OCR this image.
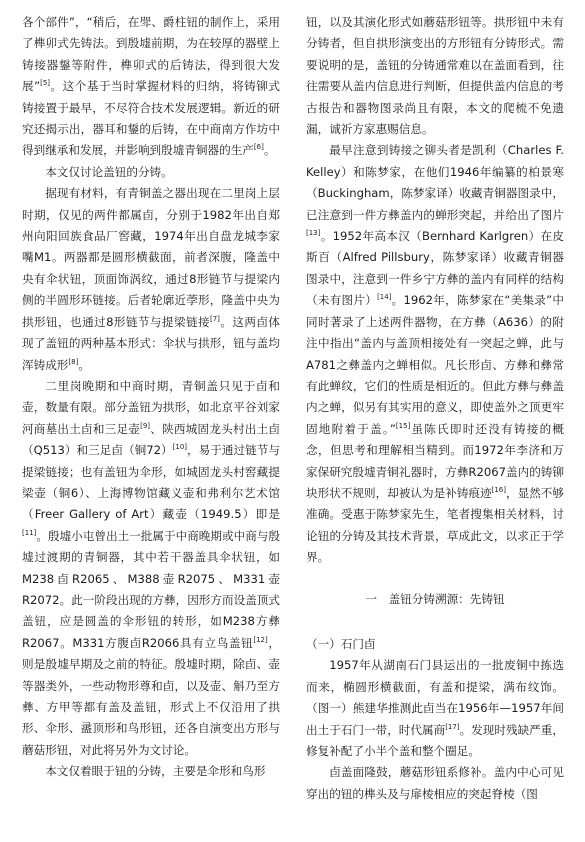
各个部件”，“稍后，在斝、爵柱钮的制作上，采用了榫卯式先铸法。到殷墟前期，为在较厚的器壁上铸接器鋬等附件，榫卯式的后铸法，得到很大发展”[5]。这个基于当时掌握材料的归纳，将铸铆式铸接置于最早，不尽符合技术发展逻辑。新近的研究还揭示出，器耳和鋬的后铸，在中商南方作坊中得到继承和发展，并影响到殷墟青铜器的生产[6]。

本文仅讨论盖钮的分铸。

据现有材料，有青铜盖之器出现在二里岗上层时期，仅见的两件都属卣，分别于1982年出自郑州向阳回族食品厂窖藏，1974年出自盘龙城李家嘴M1。两器都是圆形横截面，前者深腹，隆盖中央有伞状钮，顶面饰涡纹，通过8形链节与提梁内侧的半圆形环链接。后者轮廓近荸形，隆盖中央为拱形钮，也通过8形链节与提梁链接[7]。这两卣体现了盖钮的两种基本形式：伞状与拱形，钮与盖均浑铸成形[8]。

二里岗晚期和中商时期，青铜盖只见于卣和壶，数量有限。部分盖钮为拱形，如北京平谷刘家河商墓出土卣和三足壶[9]、陕西城固龙头村出土卣（Q513）和三足卣（铜72）[10]，易于通过链节与提梁链接；也有盖钮为伞形，如城固龙头村窖藏提梁壶（铜6）、上海博物馆藏义壶和弗利尔艺术馆（Freer Gallery of Art）藏壶（1949.5）即是[11]。殷墟小屯曾出土一批属于中商晚期或中商与殷墟过渡期的青铜器，其中若干器盖具伞状钮，如M238卣R2065、M388壶R2075、M331壶R2072。此一阶段出现的方彝，因形方而设盖顶式盖钮，应是圆盖的伞形钮的转形，如M238方彝R2067。M331方腹卣R2066具有立鸟盖钮[12]，则是殷墟早期及之前的特征。殷墟时期，除卣、壶等器类外，一些动物形尊和卣，以及壶、斛乃至方彝、方甲等都有盖及盖钮，形式上不仅沿用了拱形、伞形、盝顶形和鸟形钮，还各自演变出方形与蘑菇形钮，对此将另外为文讨论。

本文仅着眼于钮的分铸，主要是伞形和鸟形

钮，以及其演化形式如蘑菇形钮等。拱形钮中未有分铸者，但自拱形演变出的方形钮有分铸形式。需要说明的是，盖钮的分铸通常难以在盖面看到，往往需要从盖内信息进行判断，但提供盖内信息的考古报告和器物图录尚且有限，本文的爬梳不免遗漏，诚祈方家惠赐信息。

最早注意到铸接之铆头者是凯利（Charles F. Kelley）和陈梦家，在他们1946年编纂的柏景寒（Buckingham，陈梦家译）收藏青铜器图录中，已注意到一件方彝盖内的蝉形突起，并给出了图片[13]。1952年高本汉（Bernhard Karlgren）在皮斯百（Alfred Pillsbury，陈梦家译）收藏青铜器图录中，注意到一件乡宁方彝的盖内有同样的结构（未有图片）[14]。1962年，陈梦家在“美集录”中同时著录了上述两件器物，在方彝（A636）的附注中指出“盖内与盖顶相接处有一突起之蝉，此与A781之彝盖内之蝉相似。凡长形卣、方彝和彝常有此蝉纹，它们的性质是相近的。但此方彝与彝盖内之蝉，似另有其实用的意义，即使盖外之顶更牢固地附着于盖。”[15]虽陈氏即时还没有铸接的概念，但思考和理解相当精到。而1972年李济和万家保研究殷墟青铜礼器时，方彝R2067盖内的铸铆块形状不规则，却被认为是补铸痕迹[16]，显然不够准确。受惠于陈梦家先生，笔者搜集相关材料，讨论钮的分铸及其技术背景，草成此文，以求正于学界。

一　盖钮分铸溯源：先铸钮

（一）石门卣

1957年从湖南石门县运出的一批废铜中拣选而来，椭圆形横截面，有盖和提梁，满布纹饰。（图一）熊建华推测此卣当在1956年—1957年间出土于石门一带，时代属商[17]。发现时残缺严重，修复补配了小半个盖和整个圈足。

卣盖面隆鼓，蘑菇形钮系修补。盖内中心可见穿出的钮的榫头及与扉棱相应的突起脊棱（图
